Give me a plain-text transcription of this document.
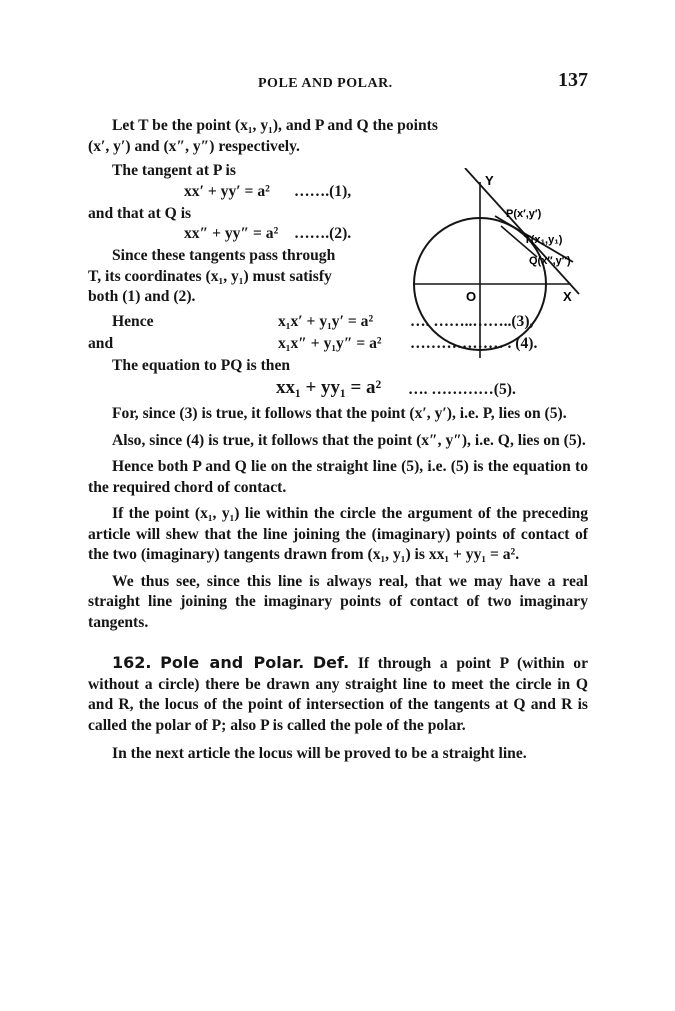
POLE AND POLAR.	137

Let T be the point (x₁, y₁), and P and Q the points

(x′, y′) and (x″, y″) respectively.

The tangent at P is

xx′ + yy′ = a² …….(1),

and that at Q is

xx″ + yy″ = a² …….(2).

Since these tangents pass through

T, its coordinates (x₁, y₁) must satisfy

both (1) and (2).

Hence	x₁x′ + y₁y′ = a² …. ……..……..(3),
and	x₁x″ + y₁y″ = a² ……………… . (4).

The equation to PQ is then

xx₁ + yy₁ = a² …. …………(5).

For, since (3) is true, it follows that the point (x′, y′), i.e. P, lies on (5).

Also, since (4) is true, it follows that the point (x″, y″), i.e. Q, lies on (5).

Hence both P and Q lie on the straight line (5), i.e. (5) is the equation to the required chord of contact.

If the point (x₁, y₁) lie within the circle the argument of the preceding article will shew that the line joining the (imaginary) points of contact of the two (imaginary) tangents drawn from (x₁, y₁) is xx₁ + yy₁ = a².

We thus see, since this line is always real, that we may have a real straight line joining the imaginary points of contact of two imaginary tangents.

162. Pole and Polar. Def. If through a point P (within or without a circle) there be drawn any straight line to meet the circle in Q and R, the locus of the point of intersection of the tangents at Q and R is called the polar of P; also P is called the pole of the polar.

In the next article the locus will be proved to be a straight line.

Y
P(x′,y′)
T(x₁,y₁)
Q(x″,y″)
O	X
